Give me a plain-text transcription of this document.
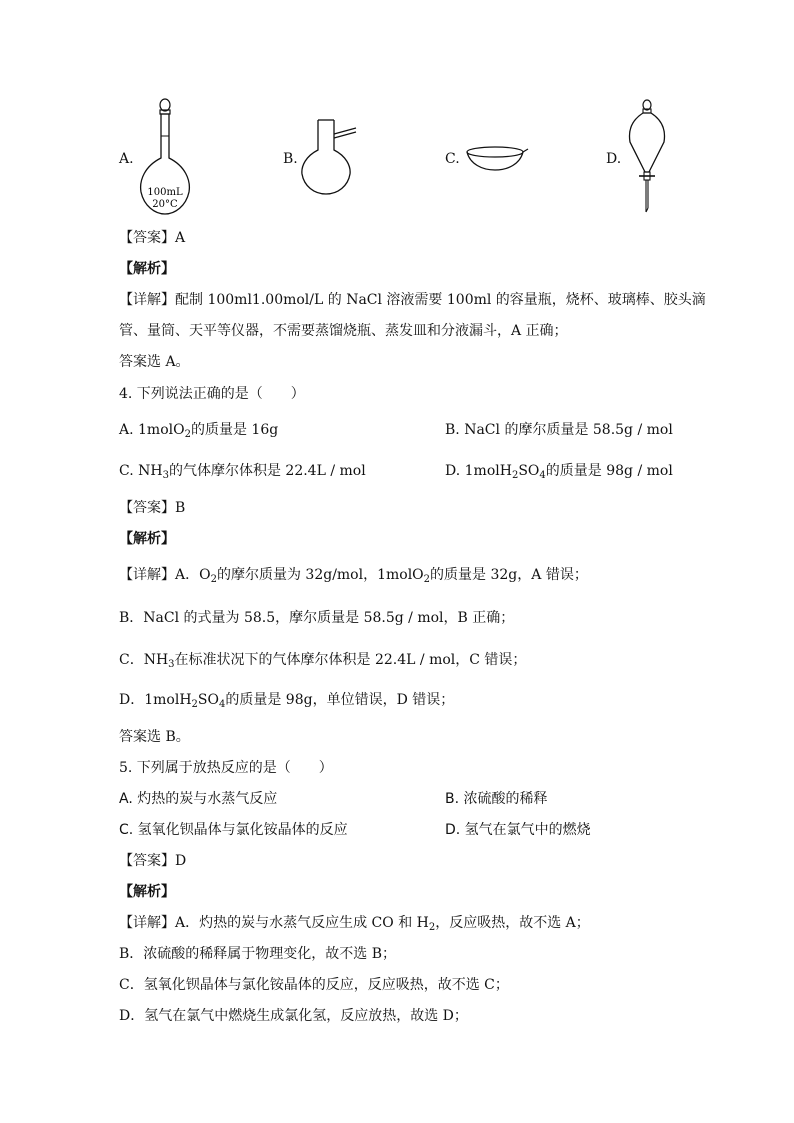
A.
100mL
20°C
B.	C.	D.
【答案】A
【解析】
【详解】配制 100ml1.00mol/L 的 NaCl 溶液需要 100ml 的容量瓶，烧杯、玻璃棒、胶头滴
管、量筒、天平等仪器，不需要蒸馏烧瓶、蒸发皿和分液漏斗，A 正确；
答案选 A。
4. 下列说法正确的是（　　）
A. 1molO$_2$的质量是 16g	B. NaCl 的摩尔质量是 58.5g / mol
C. $NH_3$的气体摩尔体积是 22.4L / mol	D. $1molH_2SO_4$的质量是 98g / mol
【答案】B
【解析】
【详解】A．$O_2$的摩尔质量为 32g/mol，1molO$_2$的质量是 32g，A 错误；
B．NaCl 的式量为 58.5，摩尔质量是 58.5g / mol，B 正确；
C．$NH_3$在标准状况下的气体摩尔体积是 22.4L / mol，C 错误；
D．$1molH_2SO_4$的质量是 98g，单位错误，D 错误；
答案选 B。
5. 下列属于放热反应的是（　　）
A. 灼热的炭与水蒸气反应	B. 浓硫酸的稀释
C. 氢氧化钡晶体与氯化铵晶体的反应	D. 氢气在氯气中的燃烧
【答案】D
【解析】
【详解】A．灼热的炭与水蒸气反应生成 CO 和 $H_2$，反应吸热，故不选 A；
B．浓硫酸的稀释属于物理变化，故不选 B；
C．氢氧化钡晶体与氯化铵晶体的反应，反应吸热，故不选 C；
D．氢气在氯气中燃烧生成氯化氢，反应放热，故选 D；
